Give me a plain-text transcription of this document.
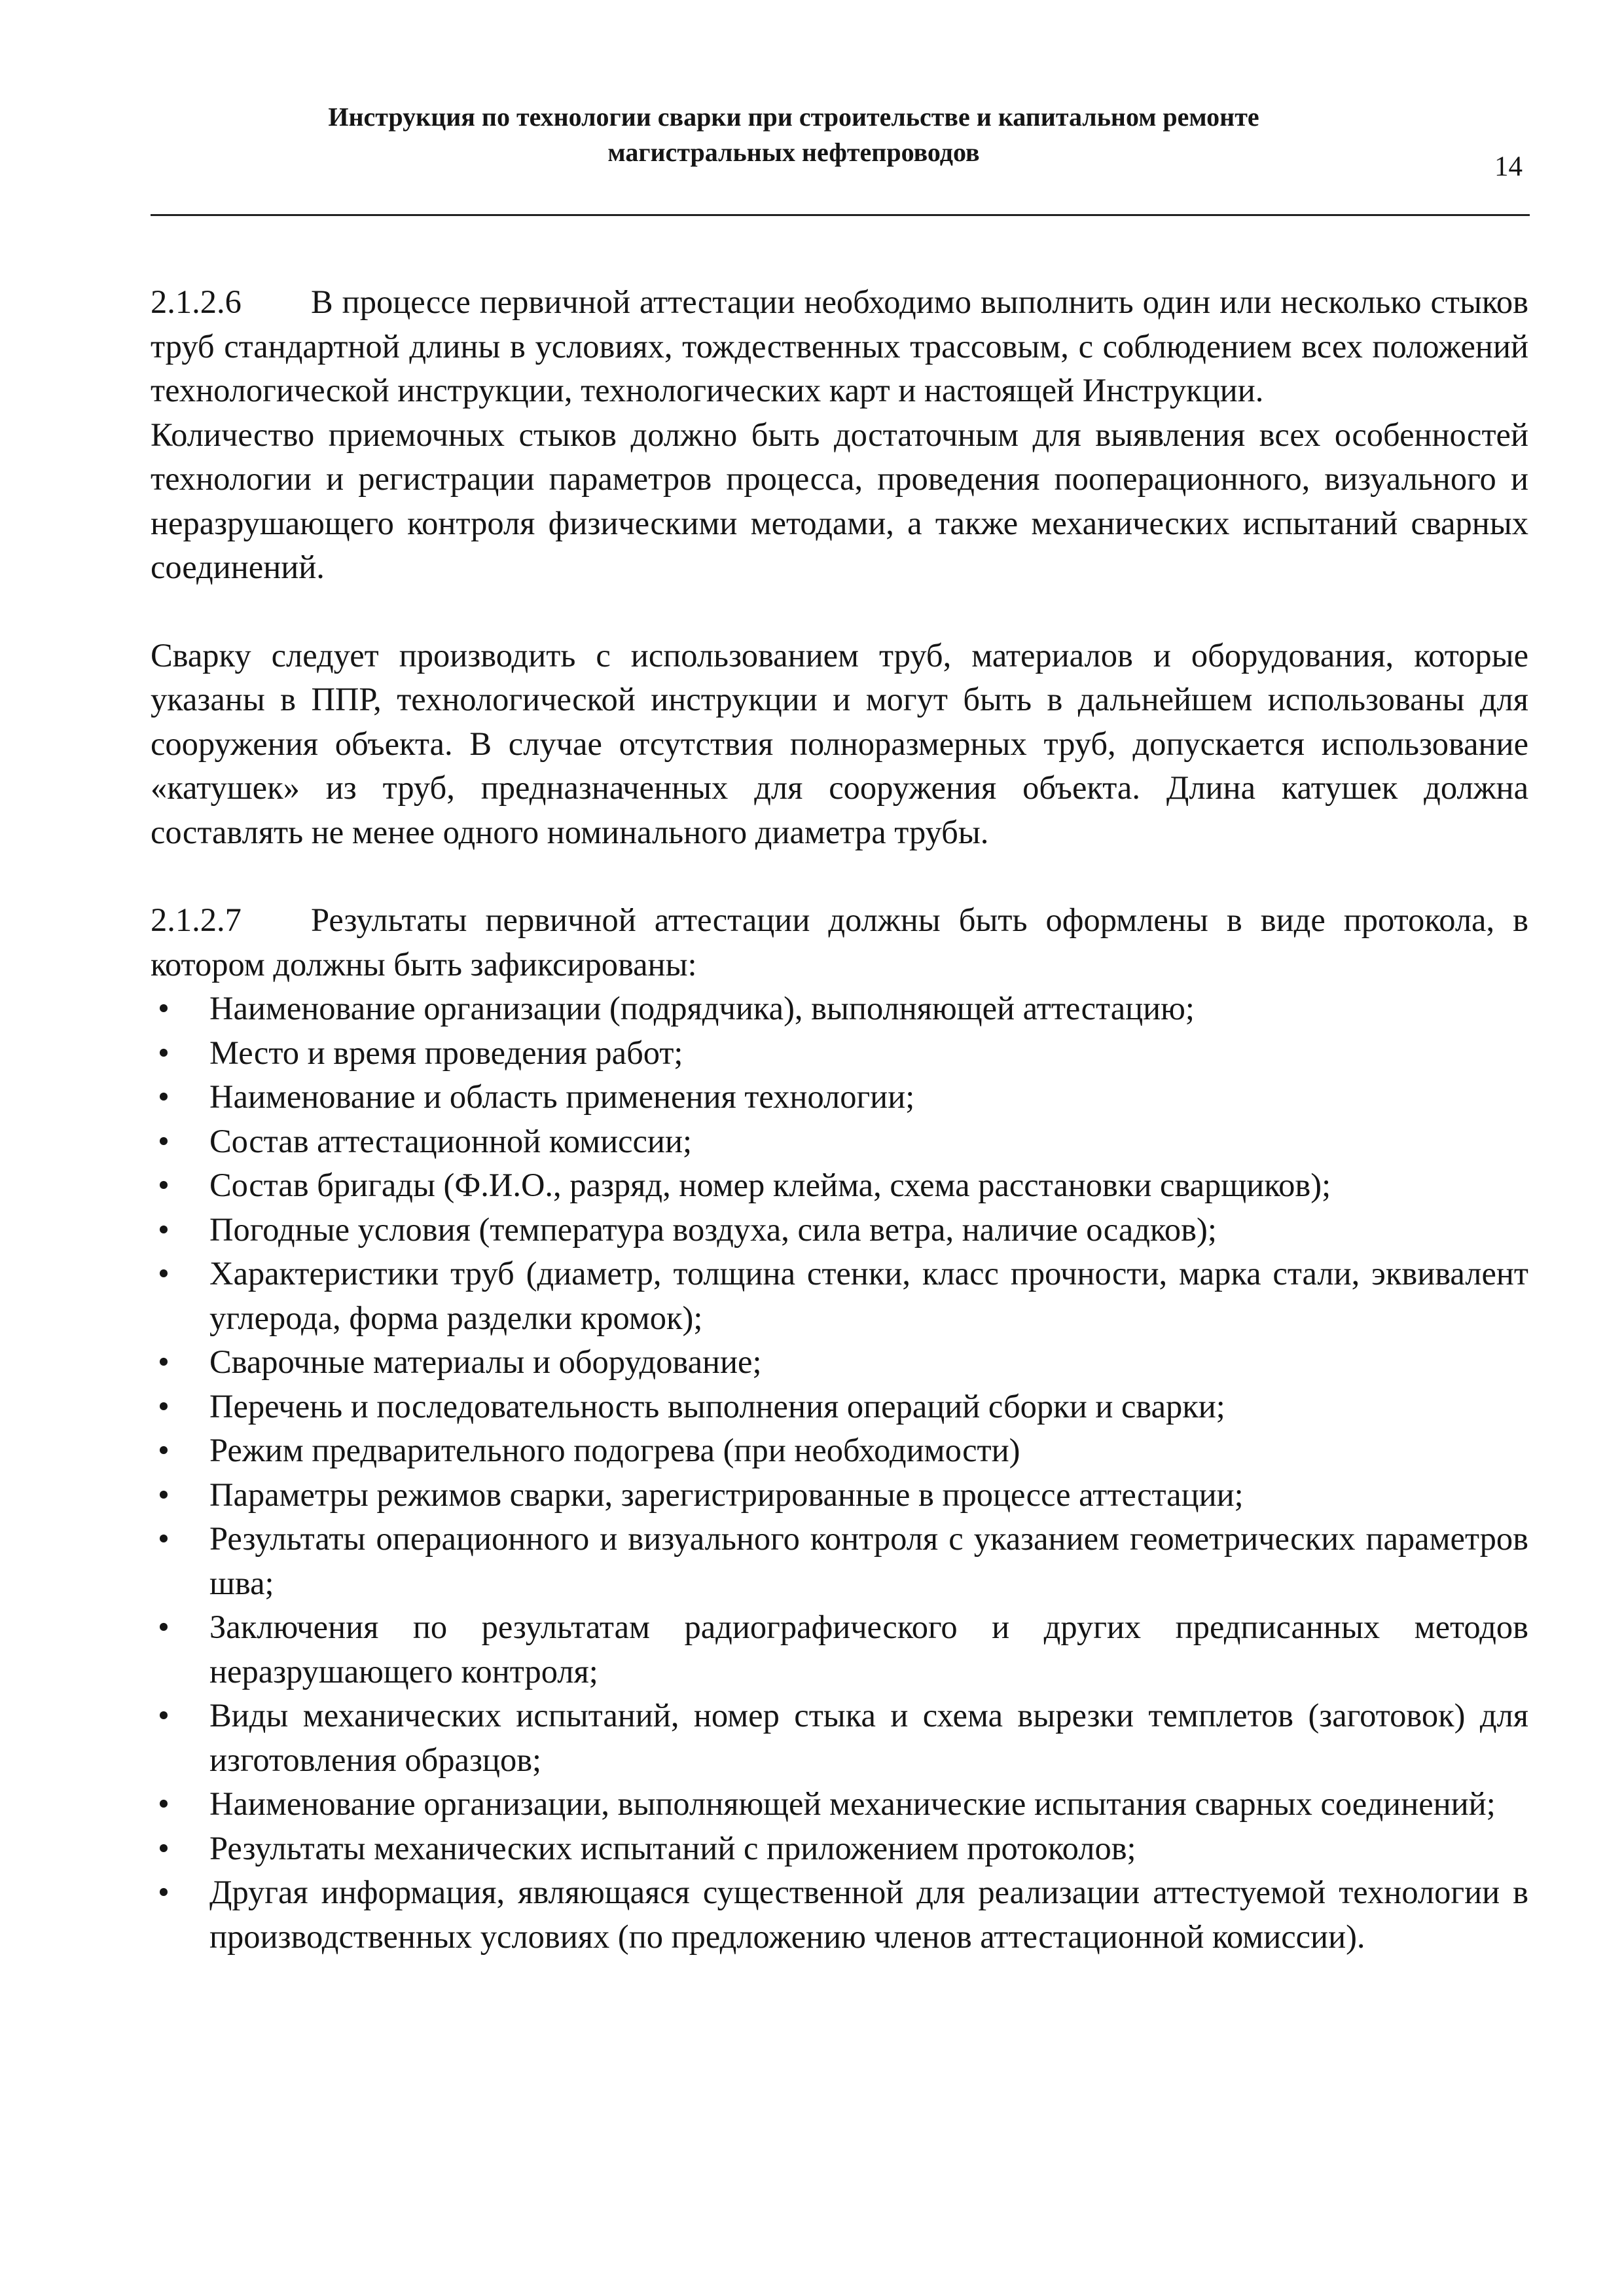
Инструкция по технологии сварки при строительстве и капитальном ремонте
магистральных нефтепроводов	14

2.1.2.6 В процессе первичной аттестации необходимо выполнить один или несколько стыков труб стандартной длины в условиях, тождественных трассовым, с соблюдением всех положений технологической инструкции, технологических карт и настоящей Инструкции.

Количество приемочных стыков должно быть достаточным для выявления всех особенностей технологии и регистрации параметров процесса, проведения пооперационного, визуального и неразрушающего контроля физическими методами, а также механических испытаний сварных соединений.

Сварку следует производить с использованием труб, материалов и оборудования, которые указаны в ППР, технологической инструкции и могут быть в дальнейшем использованы для сооружения объекта. В случае отсутствия полноразмерных труб, допускается использование «катушек» из труб, предназначенных для сооружения объекта. Длина катушек должна составлять не менее одного номинального диаметра трубы.

2.1.2.7 Результаты первичной аттестации должны быть оформлены в виде протокола, в котором должны быть зафиксированы:

• Наименование организации (подрядчика), выполняющей аттестацию;
• Место и время проведения работ;
• Наименование и область применения технологии;
• Состав аттестационной комиссии;
• Состав бригады (Ф.И.О., разряд, номер клейма, схема расстановки сварщиков);
• Погодные условия (температура воздуха, сила ветра, наличие осадков);
• Характеристики труб (диаметр, толщина стенки, класс прочности, марка стали, эквивалент углерода, форма разделки кромок);
• Сварочные материалы и оборудование;
• Перечень и последовательность выполнения операций сборки и сварки;
• Режим предварительного подогрева (при необходимости)
• Параметры режимов сварки, зарегистрированные в процессе аттестации;
• Результаты операционного и визуального контроля с указанием геометрических параметров шва;
• Заключения по результатам радиографического и других предписанных методов неразрушающего контроля;
• Виды механических испытаний, номер стыка и схема вырезки темплетов (заготовок) для изготовления образцов;
• Наименование организации, выполняющей механические испытания сварных соединений;
• Результаты механических испытаний с приложением протоколов;
• Другая информация, являющаяся существенной для реализации аттестуемой технологии в производственных условиях (по предложению членов аттестационной комиссии).
